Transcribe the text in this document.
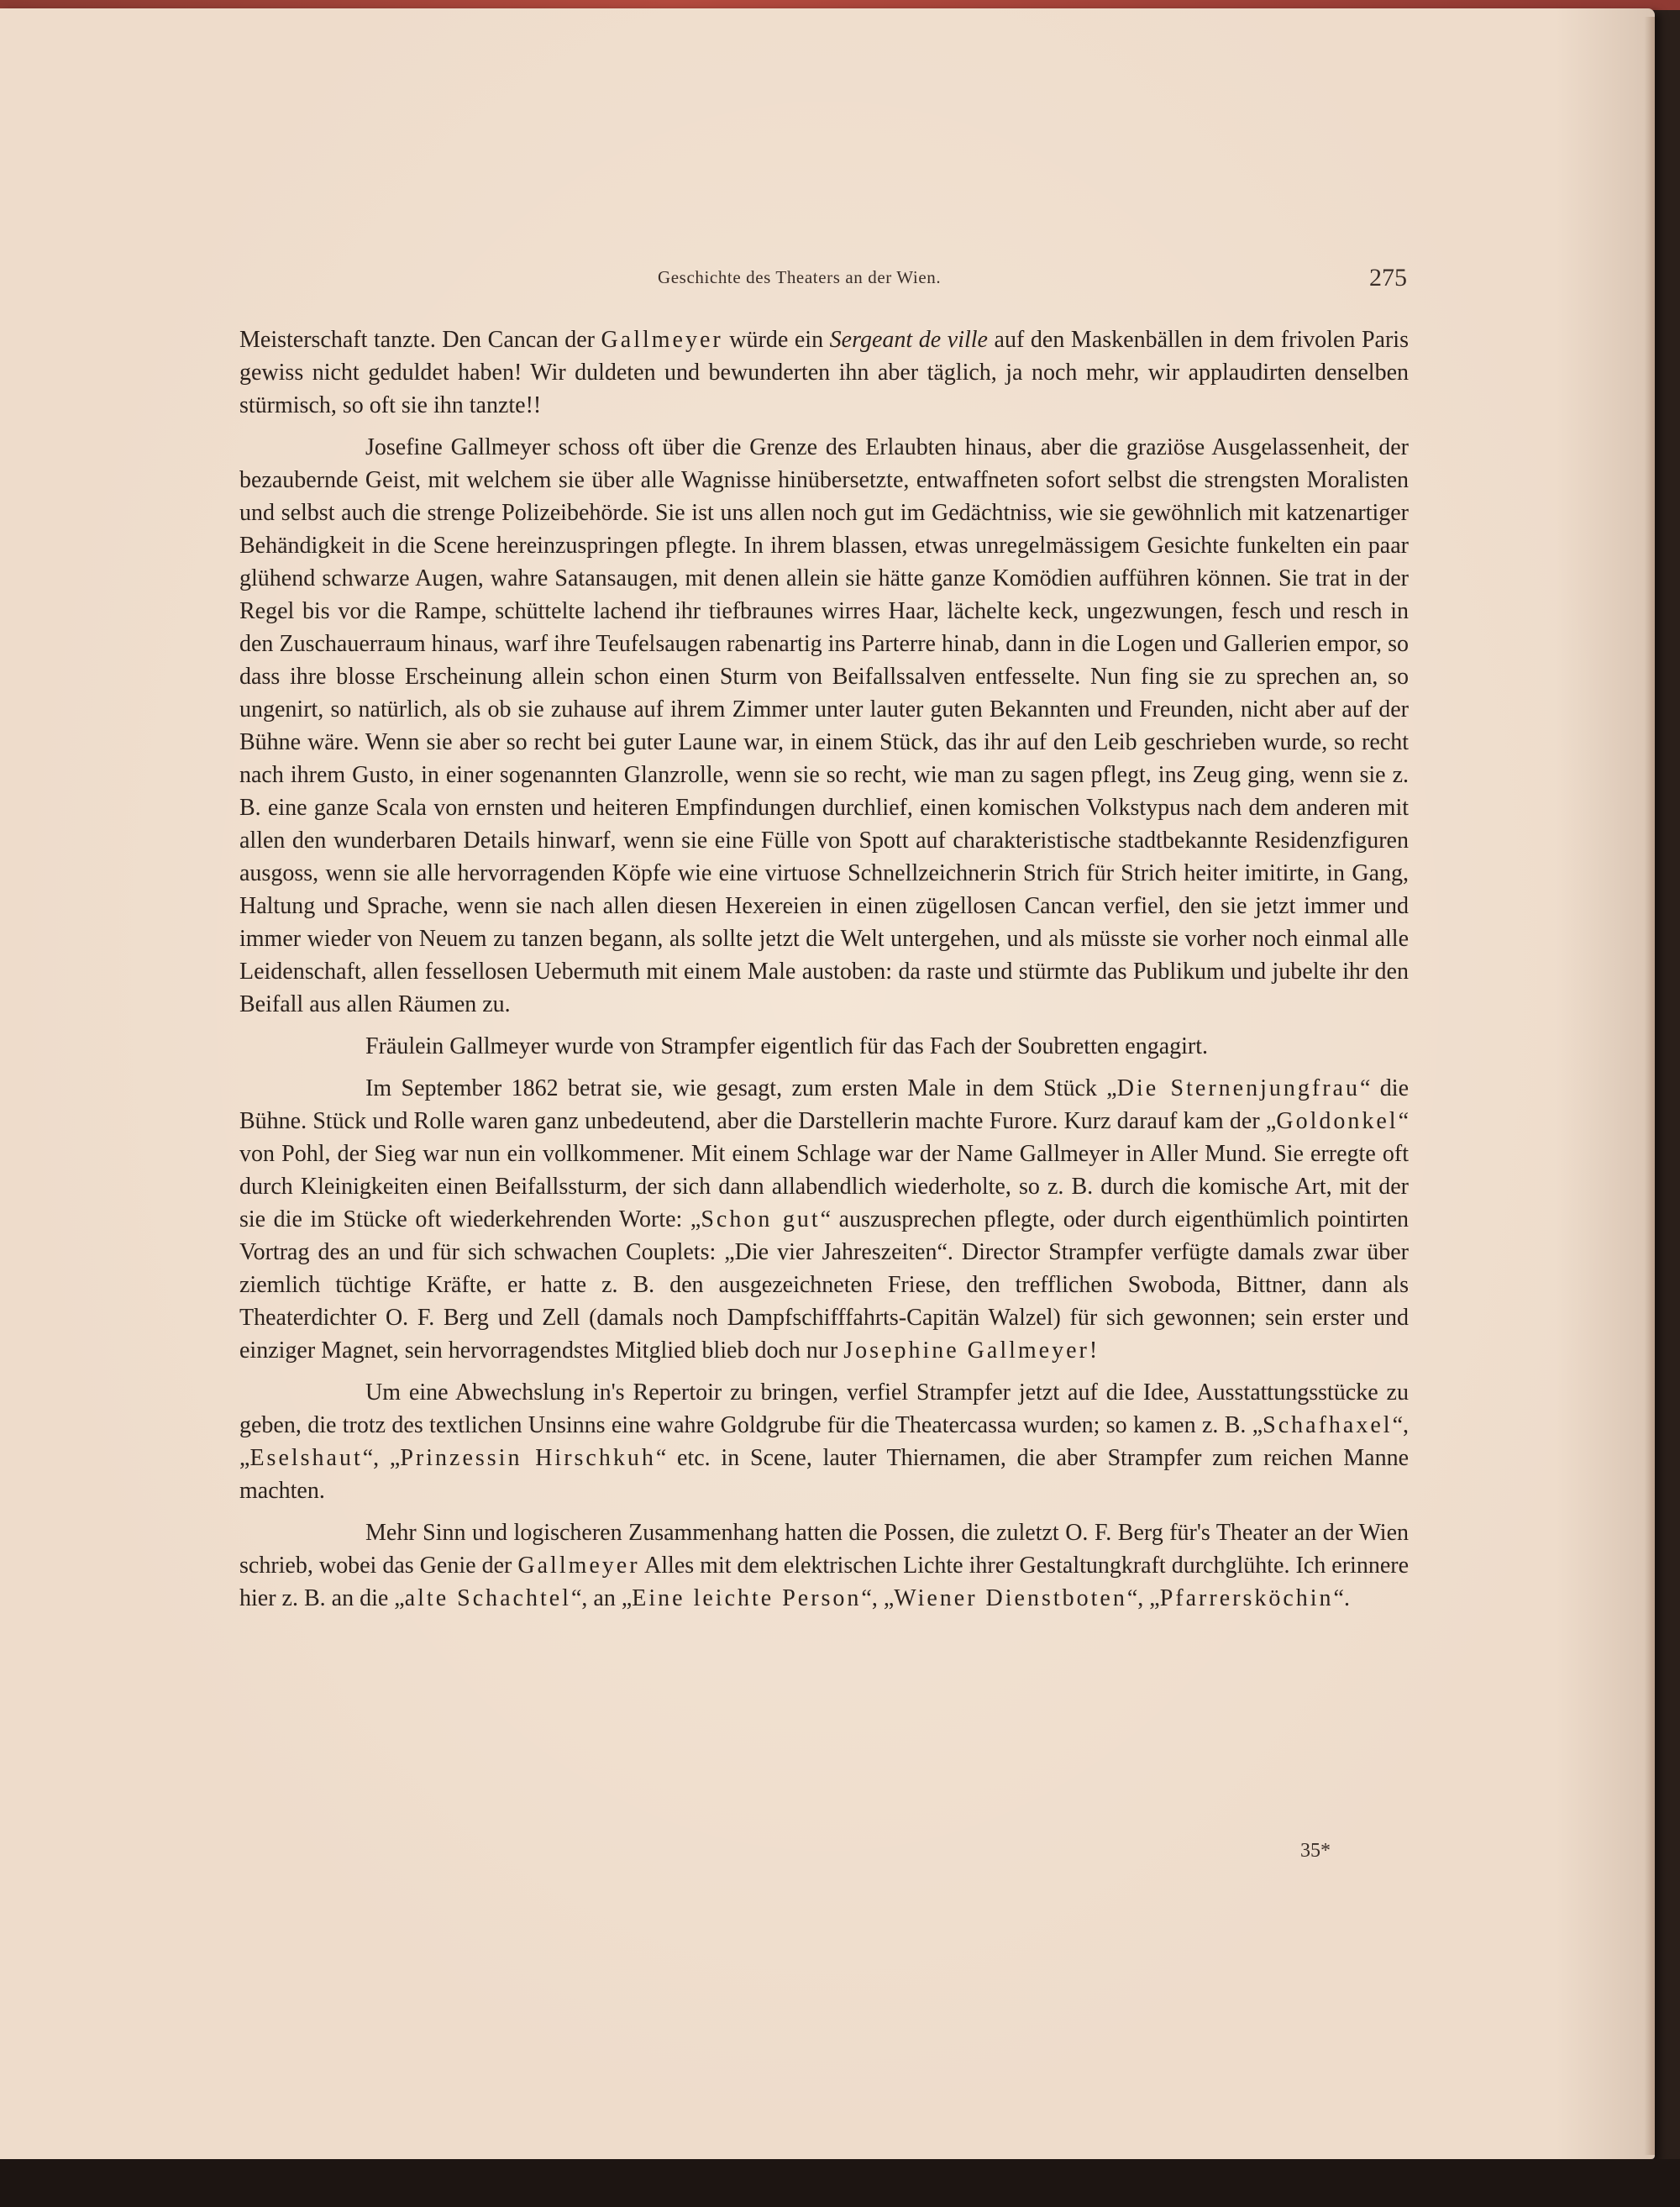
Geschichte des Theaters an der Wien.	275

Meisterschaft tanzte. Den Cancan der Gallmeyer würde ein Sergeant de ville auf den Maskenbällen in dem frivolen Paris gewiss nicht geduldet haben! Wir duldeten und bewunderten ihn aber täglich, ja noch mehr, wir applaudirten denselben stürmisch, so oft sie ihn tanzte!!

Josefine Gallmeyer schoss oft über die Grenze des Erlaubten hinaus, aber die graziöse Ausgelassenheit, der bezaubernde Geist, mit welchem sie über alle Wagnisse hinübersetzte, entwaffneten sofort selbst die strengsten Moralisten und selbst auch die strenge Polizeibehörde. Sie ist uns allen noch gut im Gedächtniss, wie sie gewöhnlich mit katzenartiger Behändigkeit in die Scene hereinzuspringen pflegte. In ihrem blassen, etwas unregelmässigem Gesichte funkelten ein paar glühend schwarze Augen, wahre Satansaugen, mit denen allein sie hätte ganze Komödien aufführen können. Sie trat in der Regel bis vor die Rampe, schüttelte lachend ihr tiefbraunes wirres Haar, lächelte keck, ungezwungen, fesch und resch in den Zuschauerraum hinaus, warf ihre Teufelsaugen rabenartig ins Parterre hinab, dann in die Logen und Gallerien empor, so dass ihre blosse Erscheinung allein schon einen Sturm von Beifallssalven entfesselte. Nun fing sie zu sprechen an, so ungenirt, so natürlich, als ob sie zuhause auf ihrem Zimmer unter lauter guten Bekannten und Freunden, nicht aber auf der Bühne wäre. Wenn sie aber so recht bei guter Laune war, in einem Stück, das ihr auf den Leib geschrieben wurde, so recht nach ihrem Gusto, in einer sogenannten Glanzrolle, wenn sie so recht, wie man zu sagen pflegt, ins Zeug ging, wenn sie z. B. eine ganze Scala von ernsten und heiteren Empfindungen durchlief, einen komischen Volkstypus nach dem anderen mit allen den wunderbaren Details hinwarf, wenn sie eine Fülle von Spott auf charakteristische stadtbekannte Residenzfiguren ausgoss, wenn sie alle hervorragenden Köpfe wie eine virtuose Schnellzeichnerin Strich für Strich heiter imitirte, in Gang, Haltung und Sprache, wenn sie nach allen diesen Hexereien in einen zügellosen Cancan verfiel, den sie jetzt immer und immer wieder von Neuem zu tanzen begann, als sollte jetzt die Welt untergehen, und als müsste sie vorher noch einmal alle Leidenschaft, allen fessellosen Uebermuth mit einem Male austoben: da raste und stürmte das Publikum und jubelte ihr den Beifall aus allen Räumen zu.

Fräulein Gallmeyer wurde von Strampfer eigentlich für das Fach der Soubretten engagirt.

Im September 1862 betrat sie, wie gesagt, zum ersten Male in dem Stück „Die Sternenjungfrau“ die Bühne. Stück und Rolle waren ganz unbedeutend, aber die Darstellerin machte Furore. Kurz darauf kam der „Goldonkel“ von Pohl, der Sieg war nun ein vollkommener. Mit einem Schlage war der Name Gallmeyer in Aller Mund. Sie erregte oft durch Kleinigkeiten einen Beifallssturm, der sich dann allabendlich wiederholte, so z. B. durch die komische Art, mit der sie die im Stücke oft wiederkehrenden Worte: „Schon gut“ auszusprechen pflegte, oder durch eigenthümlich pointirten Vortrag des an und für sich schwachen Couplets: „Die vier Jahreszeiten“. Director Strampfer verfügte damals zwar über ziemlich tüchtige Kräfte, er hatte z. B. den ausgezeichneten Friese, den trefflichen Swoboda, Bittner, dann als Theaterdichter O. F. Berg und Zell (damals noch Dampfschifffahrts-Capitän Walzel) für sich gewonnen; sein erster und einziger Magnet, sein hervorragendstes Mitglied blieb doch nur Josephine Gallmeyer!

Um eine Abwechslung in's Repertoir zu bringen, verfiel Strampfer jetzt auf die Idee, Ausstattungsstücke zu geben, die trotz des textlichen Unsinns eine wahre Goldgrube für die Theatercassa wurden; so kamen z. B. „Schafhaxel“, „Eselshaut“, „Prinzessin Hirschkuh“ etc. in Scene, lauter Thiernamen, die aber Strampfer zum reichen Manne machten.

Mehr Sinn und logischeren Zusammenhang hatten die Possen, die zuletzt O. F. Berg für's Theater an der Wien schrieb, wobei das Genie der Gallmeyer Alles mit dem elektrischen Lichte ihrer Gestaltungkraft durchglühte. Ich erinnere hier z. B. an die „alte Schachtel“, an „Eine leichte Person“, „Wiener Dienstboten“, „Pfarrersköchin“.

35*
